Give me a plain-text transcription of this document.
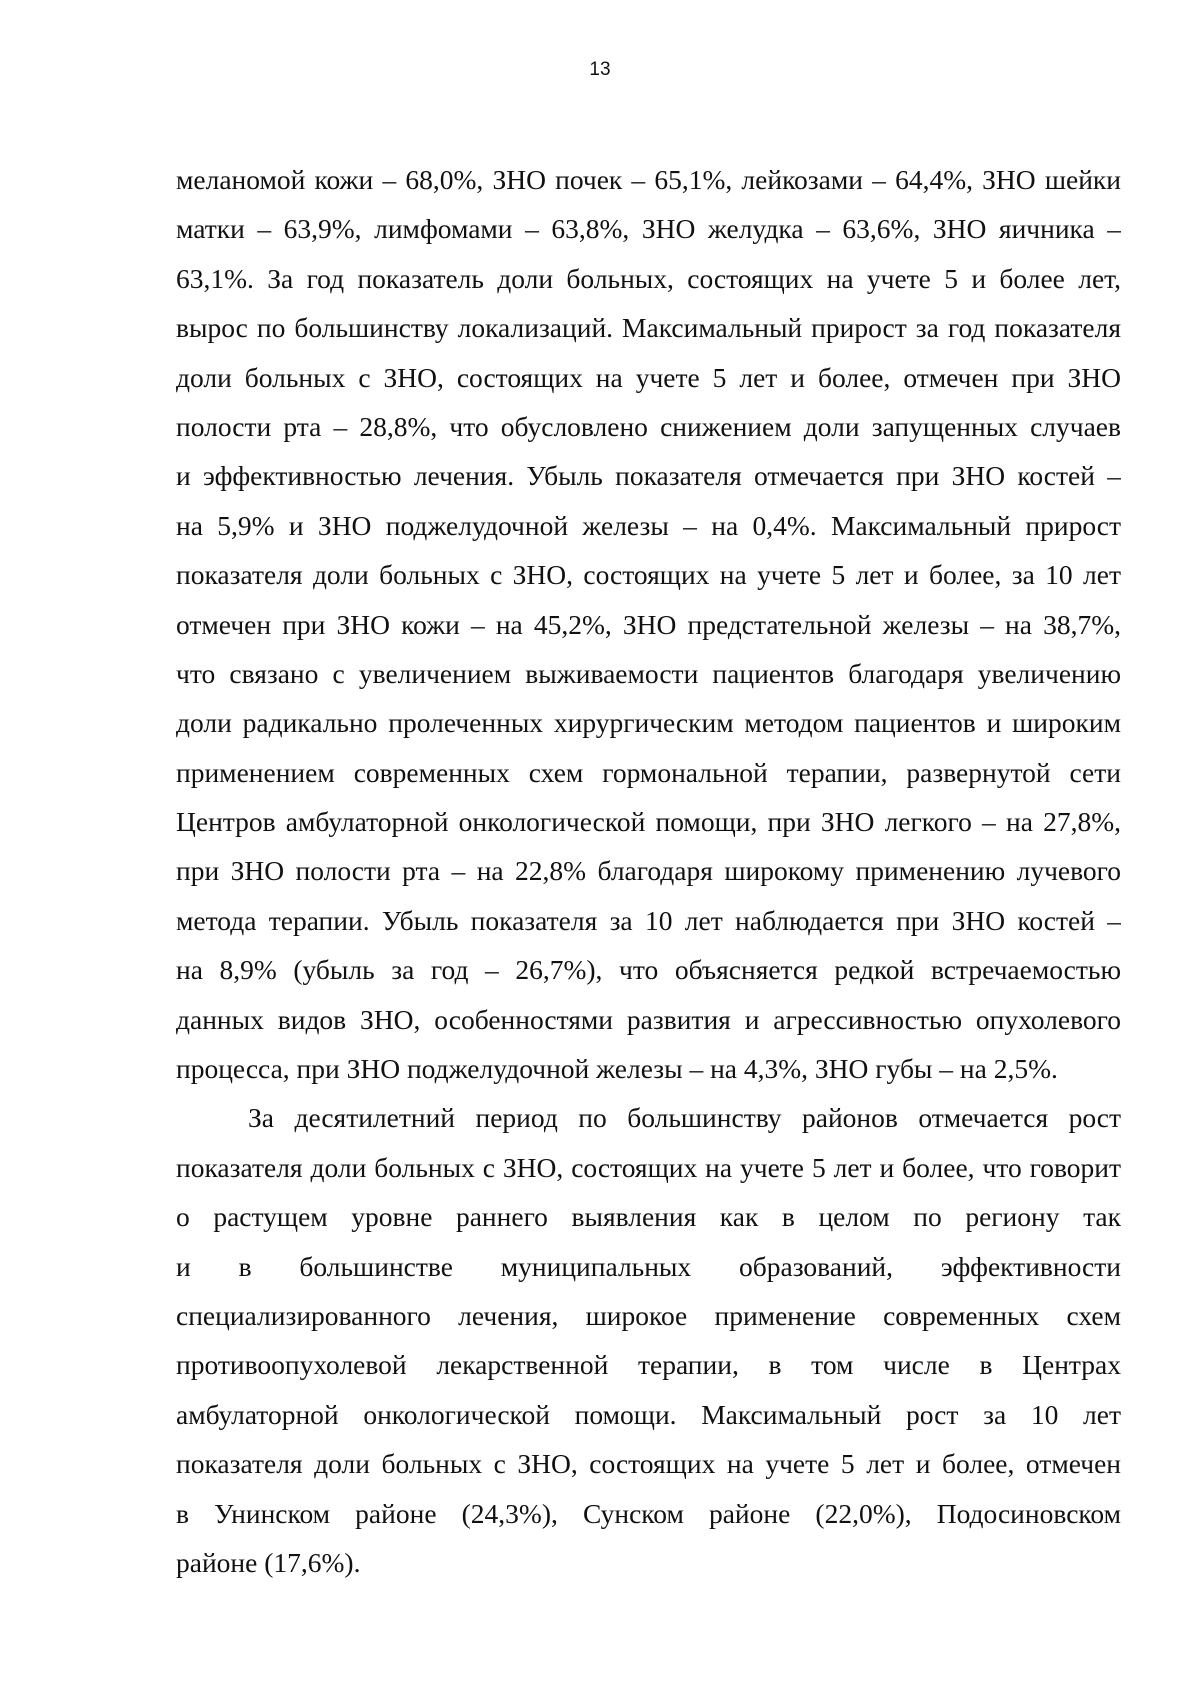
13
меланомой кожи – 68,0%, ЗНО почек – 65,1%, лейкозами – 64,4%, ЗНО шейки
матки – 63,9%, лимфомами – 63,8%, ЗНО желудка – 63,6%, ЗНО яичника –
63,1%. За год показатель доли больных, состоящих на учете 5 и более лет,
вырос по большинству локализаций. Максимальный прирост за год показателя
доли больных с ЗНО, состоящих на учете 5 лет и более, отмечен при ЗНО
полости рта – 28,8%, что обусловлено снижением доли запущенных случаев
и эффективностью лечения. Убыль показателя отмечается при ЗНО костей –
на 5,9% и ЗНО поджелудочной железы – на 0,4%. Максимальный прирост
показателя доли больных с ЗНО, состоящих на учете 5 лет и более, за 10 лет
отмечен при ЗНО кожи – на 45,2%, ЗНО предстательной железы – на 38,7%,
что связано с увеличением выживаемости пациентов благодаря увеличению
доли радикально пролеченных хирургическим методом пациентов и широким
применением современных схем гормональной терапии, развернутой сети
Центров амбулаторной онкологической помощи, при ЗНО легкого – на 27,8%,
при ЗНО полости рта – на 22,8% благодаря широкому применению лучевого
метода терапии. Убыль показателя за 10 лет наблюдается при ЗНО костей –
на 8,9% (убыль за год – 26,7%), что объясняется редкой встречаемостью
данных видов ЗНО, особенностями развития и агрессивностью опухолевого
процесса, при ЗНО поджелудочной железы – на 4,3%, ЗНО губы – на 2,5%.
За десятилетний период по большинству районов отмечается рост
показателя доли больных с ЗНО, состоящих на учете 5 лет и более, что говорит
о растущем уровне раннего выявления как в целом по региону так
и в большинстве муниципальных образований, эффективности
специализированного лечения, широкое применение современных схем
противоопухолевой лекарственной терапии, в том числе в Центрах
амбулаторной онкологической помощи. Максимальный рост за 10 лет
показателя доли больных с ЗНО, состоящих на учете 5 лет и более, отмечен
в Унинском районе (24,3%), Сунском районе (22,0%), Подосиновском
районе (17,6%).
